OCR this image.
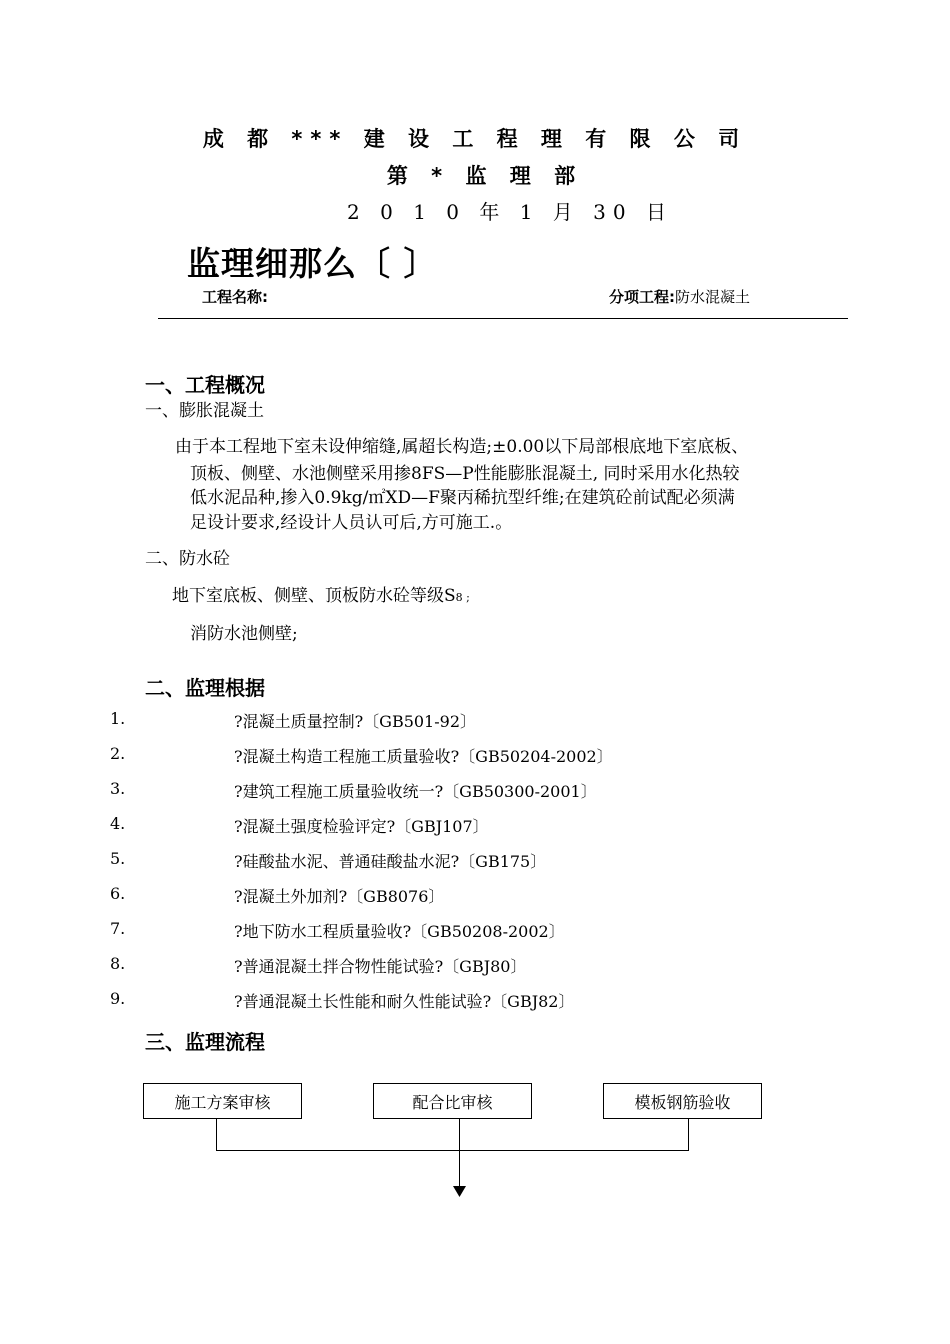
成 都 *** 建 设 工 程 理 有 限 公 司
第 * 监 理 部
2 0 1 0 年 1 月 30 日
监理细那么〔 〕
工程名称:	分项工程:防水混凝土
一、工程概况
一、膨胀混凝土
由于本工程地下室未设伸缩缝,属超长构造;±0.00以下局部根底地下室底板、
顶板、侧壁、水池侧壁采用掺8FS—P性能膨胀混凝土, 同时采用水化热较
低水泥品种,掺入0.9kg/㎡XD—F聚丙稀抗型纤维;在建筑砼前试配必须满
足设计要求,经设计人员认可后,方可施工.。
二、防水砼
地下室底板、侧壁、顶板防水砼等级S8 ;
消防水池侧壁;
二、监理根据
1.	?混凝土质量控制?〔GB501-92〕
2.	?混凝土构造工程施工质量验收?〔GB50204-2002〕
3.	?建筑工程施工质量验收统一?〔GB50300-2001〕
4.	?混凝土强度检验评定?〔GBJ107〕
5.	?硅酸盐水泥、普通硅酸盐水泥?〔GB175〕
6.	?混凝土外加剂?〔GB8076〕
7.	?地下防水工程质量验收?〔GB50208-2002〕
8.	?普通混凝土拌合物性能试验?〔GBJ80〕
9.	?普通混凝土长性能和耐久性能试验?〔GBJ82〕
三、监理流程
施工方案审核	配合比审核	模板钢筋验收
